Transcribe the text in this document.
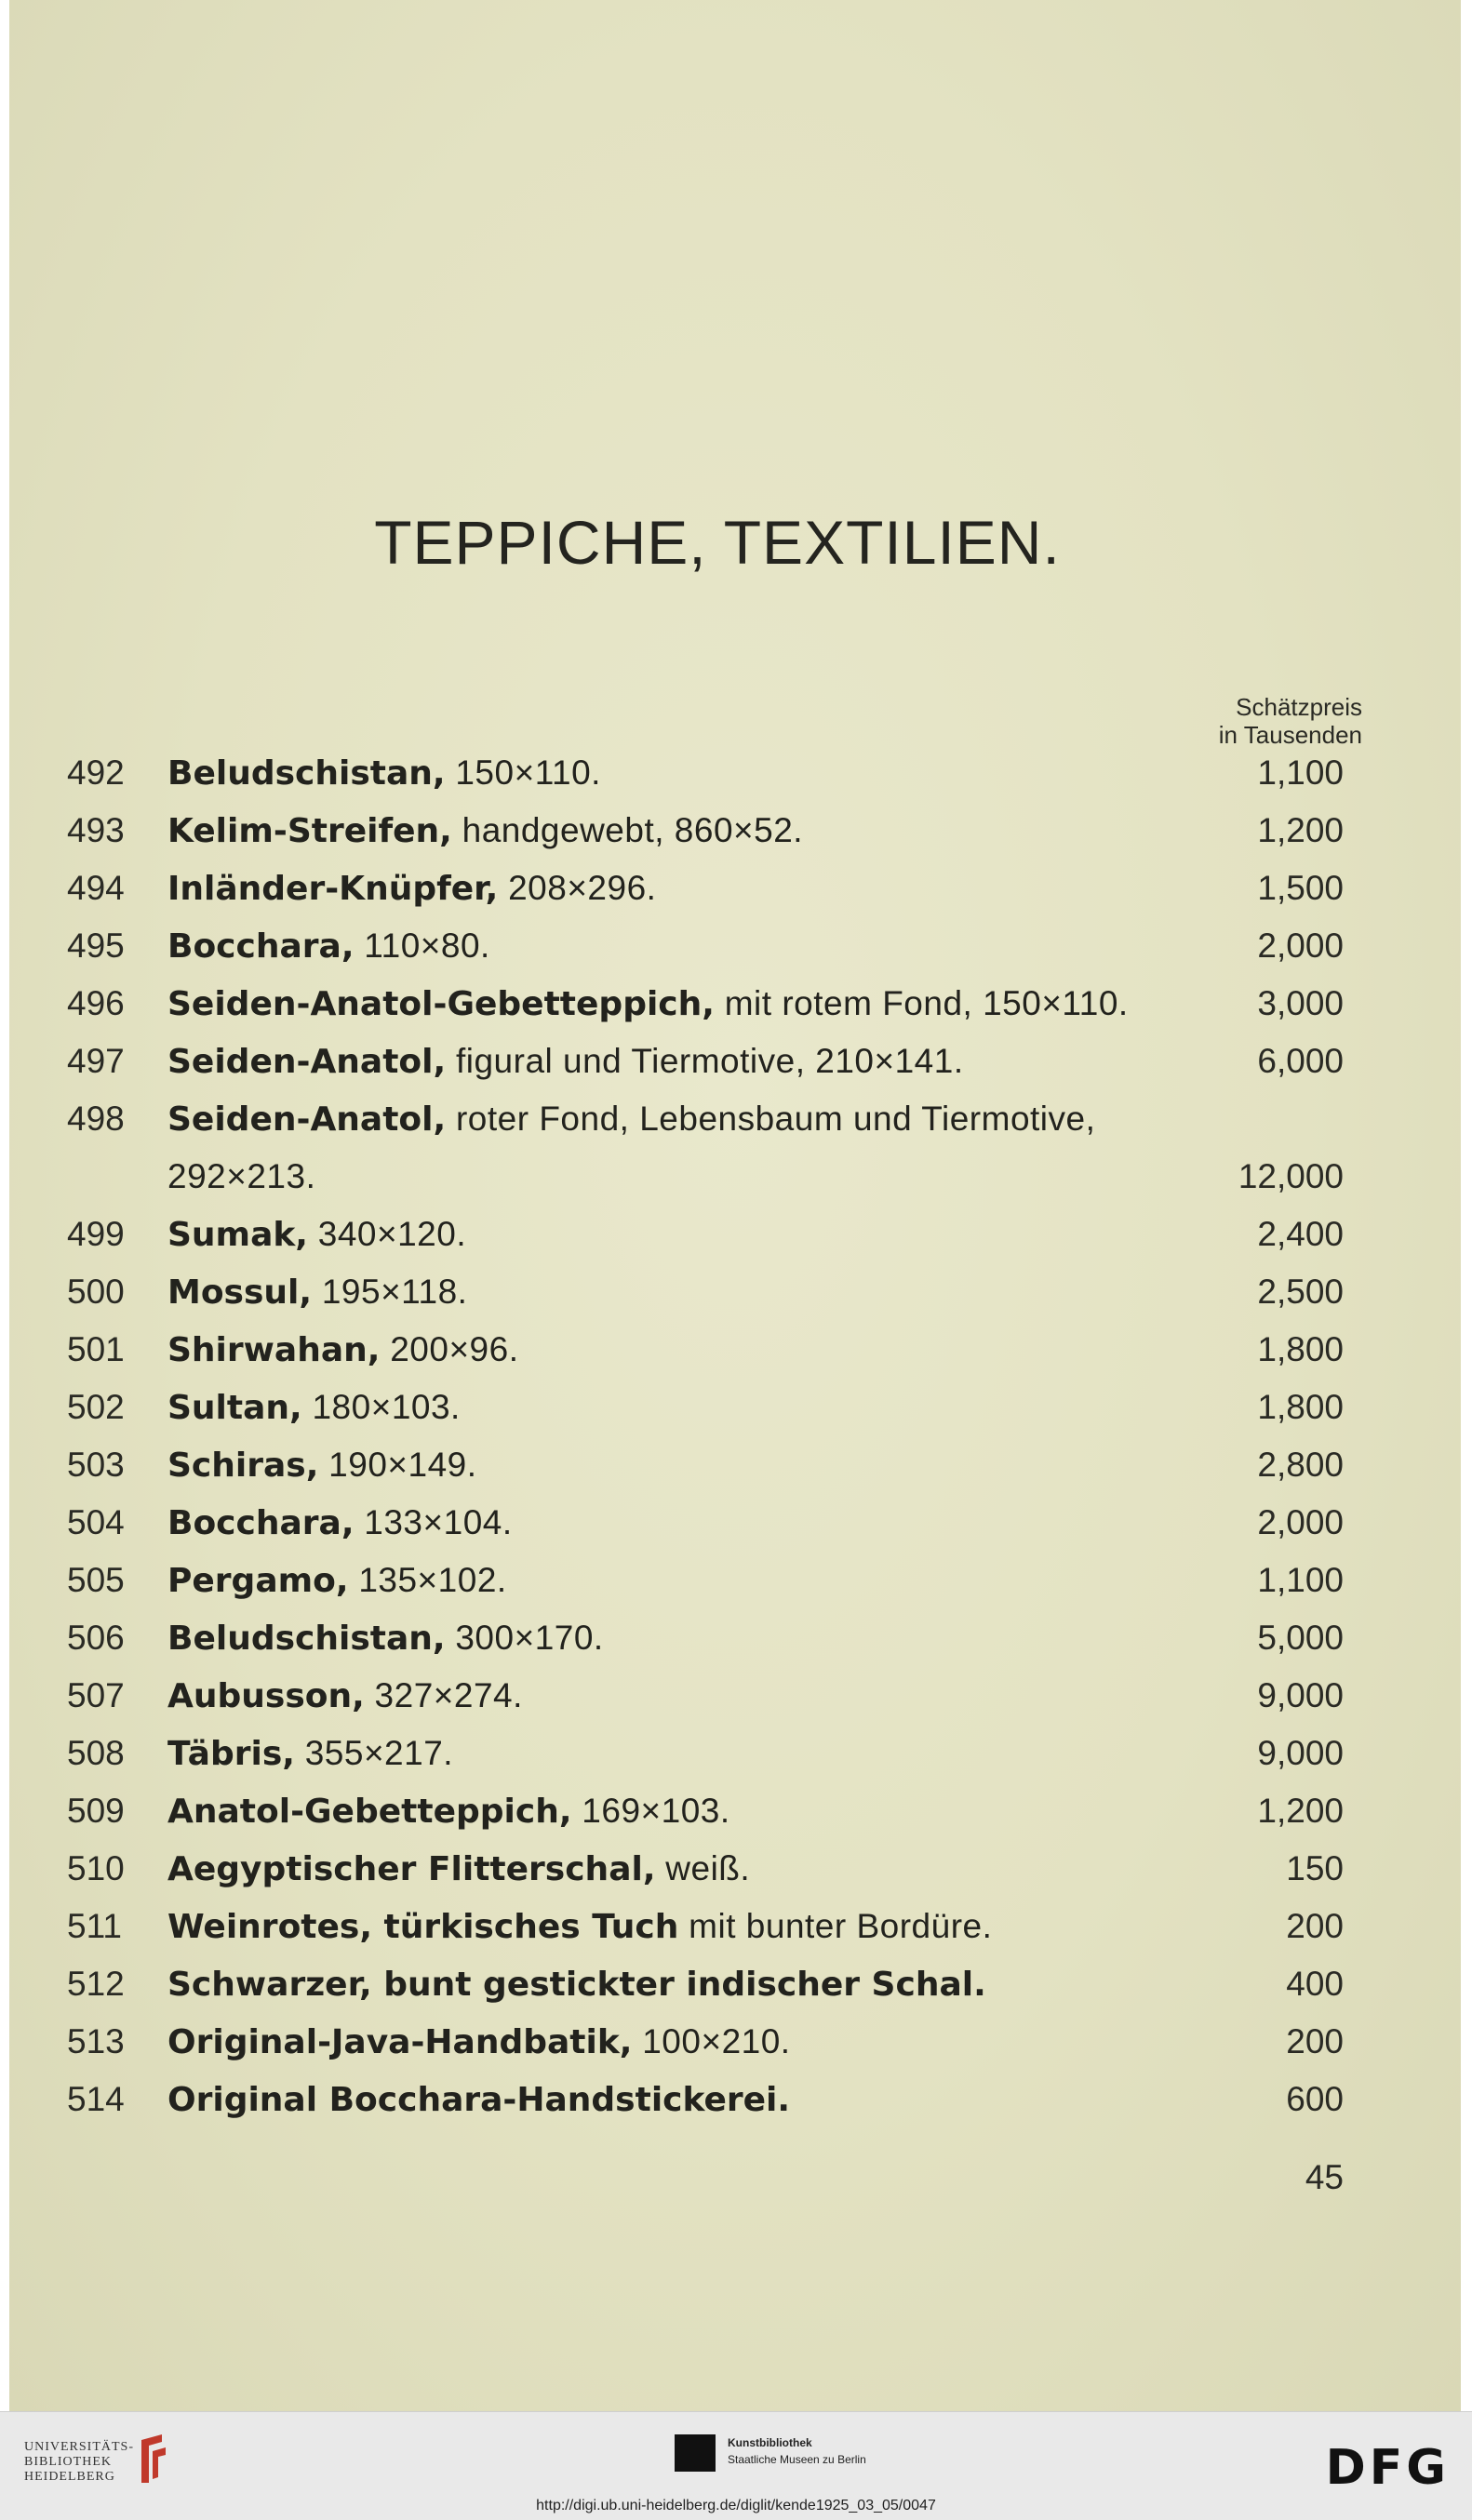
TEPPICHE, TEXTILIEN.
Schätzpreis
in Tausenden
492	Beludschistan, 150×110.	1,100
493	Kelim-Streifen, handgewebt, 860×52.	1,200
494	Inländer-Knüpfer, 208×296.	1,500
495	Bocchara, 110×80.	2,000
496	Seiden-Anatol-Gebetteppich, mit rotem Fond, 150×110.	3,000
497	Seiden-Anatol, figural und Tiermotive, 210×141.	6,000
498	Seiden-Anatol, roter Fond, Lebensbaum und Tiermotive,
292×213.	12,000
499	Sumak, 340×120.	2,400
500	Mossul, 195×118.	2,500
501	Shirwahan, 200×96.	1,800
502	Sultan, 180×103.	1,800
503	Schiras, 190×149.	2,800
504	Bocchara, 133×104.	2,000
505	Pergamo, 135×102.	1,100
506	Beludschistan, 300×170.	5,000
507	Aubusson, 327×274.	9,000
508	Täbris, 355×217.	9,000
509	Anatol-Gebetteppich, 169×103.	1,200
510	Aegyptischer Flitterschal, weiß.	150
511	Weinrotes, türkisches Tuch mit bunter Bordüre.	200
512	Schwarzer, bunt gestickter indischer Schal.	400
513	Original-Java-Handbatik, 100×210.	200
514	Original Bocchara-Handstickerei.	600
45
UNIVERSITÄTS-
BIBLIOTHEK
HEIDELBERG
Kunstbibliothek
Staatliche Museen zu Berlin	DFG
http://digi.ub.uni-heidelberg.de/diglit/kende1925_03_05/0047
